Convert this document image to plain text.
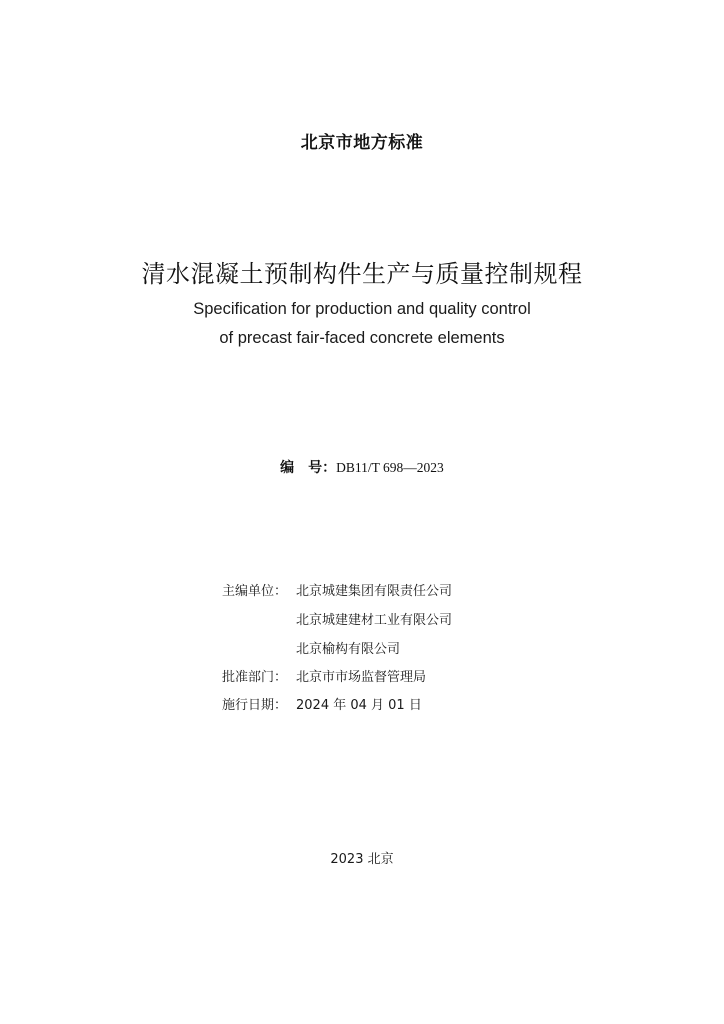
北京市地方标准
清水混凝土预制构件生产与质量控制规程
Specification for production and quality control
of precast fair-faced concrete elements
编　号：DB11/T 698—2023
主编单位： 北京城建集团有限责任公司
北京城建建材工业有限公司
北京榆构有限公司
批准部门： 北京市市场监督管理局
施行日期： 2024 年 04 月 01 日
2023 北京
